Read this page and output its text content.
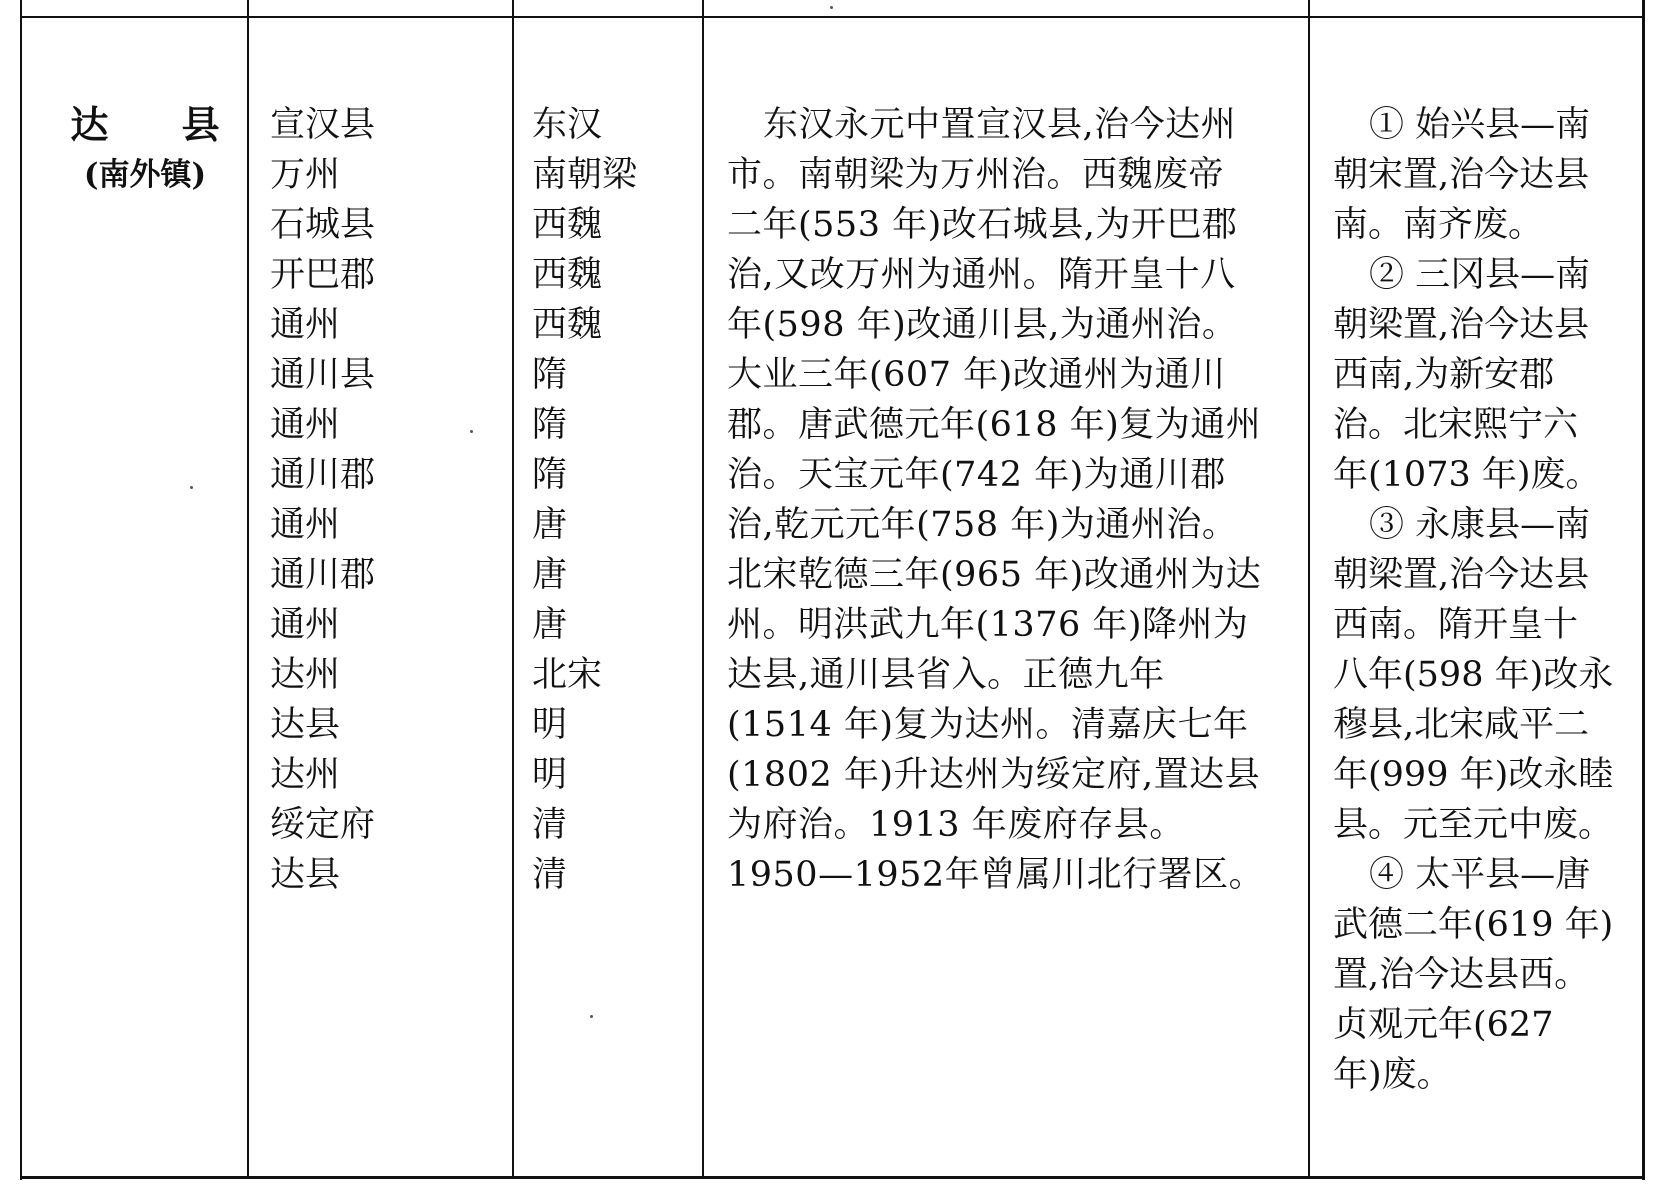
达 县
(南外镇)
宣汉县
万州
石城县
开巴郡
通州
通川县
通州
通川郡
通州
通川郡
通州
达州
达县
达州
绥定府
达县
东汉
南朝梁
西魏
西魏
西魏
隋
隋
隋
唐
唐
唐
北宋
明
明
清
清
东汉永元中置宣汉县,治今达州
市。南朝梁为万州治。西魏废帝
二年(553 年)改石城县,为开巴郡
治,又改万州为通州。隋开皇十八
年(598 年)改通川县,为通州治。
大业三年(607 年)改通州为通川
郡。唐武德元年(618 年)复为通州
治。天宝元年(742 年)为通川郡
治,乾元元年(758 年)为通州治。
北宋乾德三年(965 年)改通州为达
州。明洪武九年(1376 年)降州为
达县,通川县省入。正德九年
(1514 年)复为达州。清嘉庆七年
(1802 年)升达州为绥定府,置达县
为府治。1913 年废府存县。
1950—1952年曾属川北行署区。
① 始兴县—南
朝宋置,治今达县
南。南齐废。
② 三冈县—南
朝梁置,治今达县
西南,为新安郡
治。北宋熙宁六
年(1073 年)废。
③ 永康县—南
朝梁置,治今达县
西南。隋开皇十
八年(598 年)改永
穆县,北宋咸平二
年(999 年)改永睦
县。元至元中废。
④ 太平县—唐
武德二年(619 年)
置,治今达县西。
贞观元年(627
年)废。
